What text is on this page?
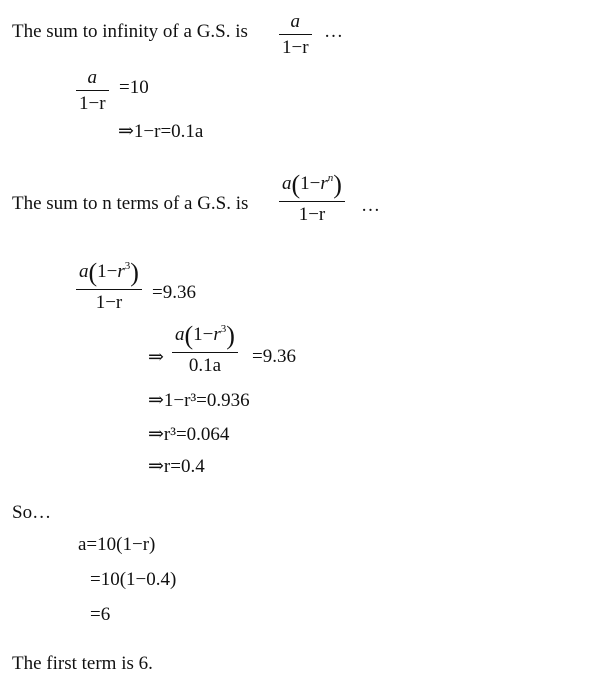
The sum to infinity of a G.S. is	a
1−r
…
a
1−r
=10
⇒1−r=0.1a
The sum to n terms of a G.S. is
$a(1-r^n)$
1−r	…
$a(1-r^3)$
1−r	=9.36
⇒
$a(1-r^3)$
0.1a	=9.36
⇒1−r³=0.936
⇒r³=0.064
⇒r=0.4
So…
a=10(1−r)
=10(1−0.4)
=6
The first term is 6.
